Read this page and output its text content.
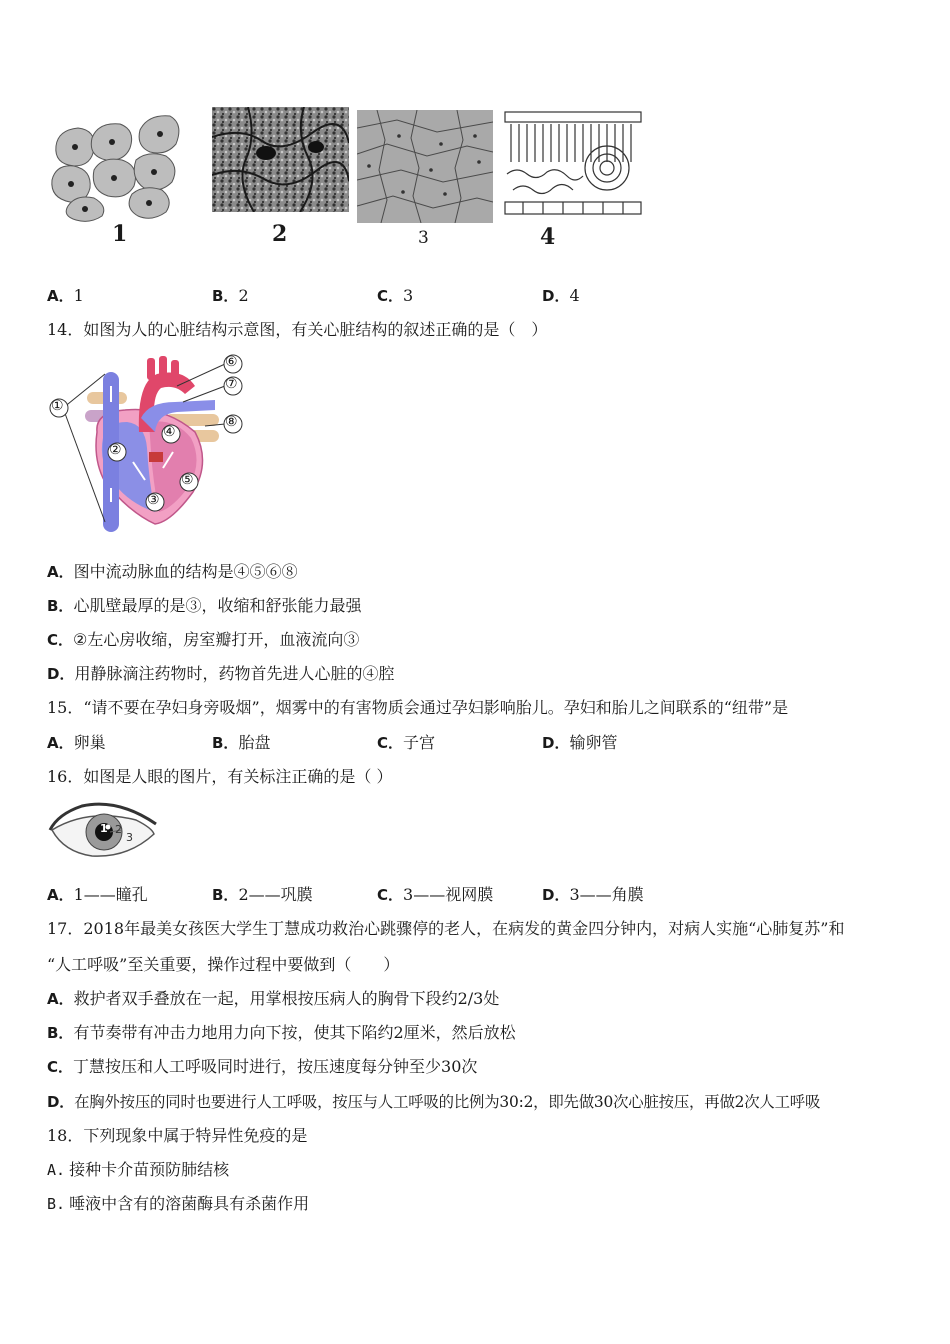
1	2	3	4
A．1	B．2	C．3	D．4
14．如图为人的心脏结构示意图，有关心脏结构的叙述正确的是（　）
①
⑥
⑦
⑧
②
④
⑤
③
A．图中流动脉血的结构是④⑤⑥⑧
B．心肌壁最厚的是③，收缩和舒张能力最强
C．②左心房收缩，房室瓣打开，血液流向③
D．用静脉滴注药物时，药物首先进人心脏的④腔
15．“请不要在孕妇身旁吸烟”，烟雾中的有害物质会通过孕妇影响胎儿。孕妇和胎儿之间联系的“纽带”是
A．卵巢	B．胎盘	C．子宫	D．输卵管
16．如图是人眼的图片，有关标注正确的是（ ）
1 2
3
A．1——瞳孔	B．2——巩膜	C．3——视网膜	D．3——角膜
17．2018年最美女孩医大学生丁慧成功救治心跳骤停的老人，在病发的黄金四分钟内，对病人实施“心肺复苏”和
“人工呼吸”至关重要，操作过程中要做到（　　）
A．救护者双手叠放在一起，用掌根按压病人的胸骨下段约2/3处
B．有节奏带有冲击力地用力向下按，使其下陷约2厘米，然后放松
C．丁慧按压和人工呼吸同时进行，按压速度每分钟至少30次
D．在胸外按压的同时也要进行人工呼吸，按压与人工呼吸的比例为30:2，即先做30次心脏按压，再做2次人工呼吸
18．下列现象中属于特异性免疫的是
A. 接种卡介苗预防肺结核
B. 唾液中含有的溶菌酶具有杀菌作用
